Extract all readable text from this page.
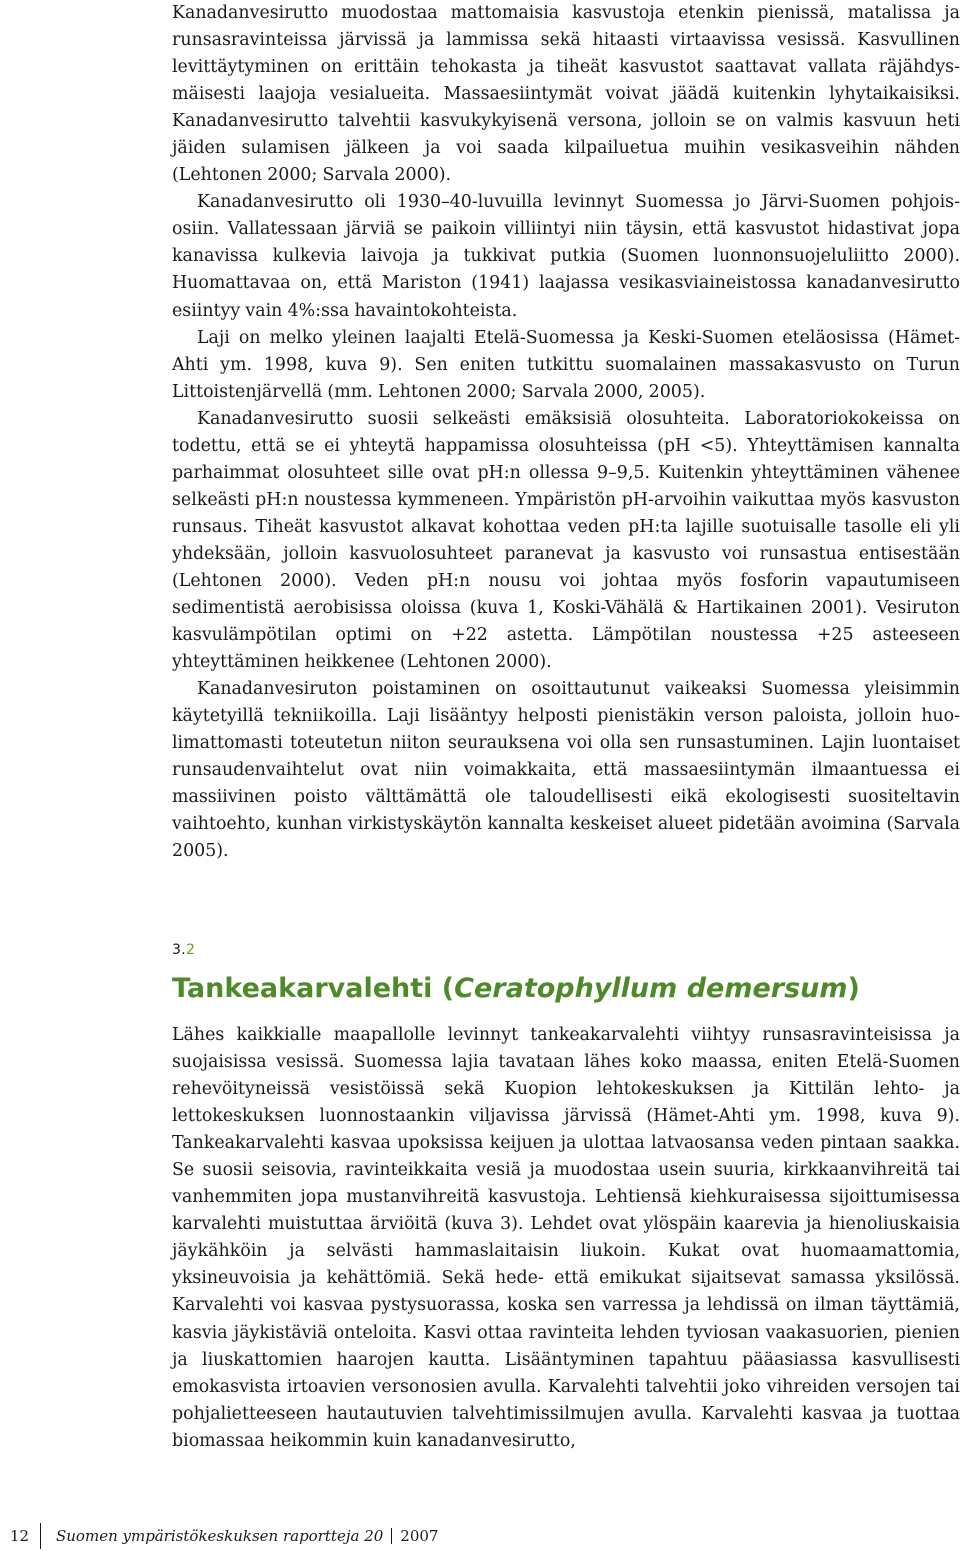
Kanadanvesirutto muodostaa mattomaisia kasvustoja etenkin pienissä, matalissa ja runsasravinteissa järvissä ja lammissa sekä hitaasti virtaavissa vesissä. Kasvullinen levittäytyminen on erittäin tehokasta ja tiheät kasvustot saattavat vallata räjähdysmäisesti laajoja vesialueita. Massaesiintymät voivat jäädä kuitenkin lyhytaikaisiksi. Kanadanvesirutto talvehtii kasvukykyisenä versona, jolloin se on valmis kasvuun heti jäiden sulamisen jälkeen ja voi saada kilpailuetua muihin vesikasveihin nähden (Lehtonen 2000; Sarvala 2000).

Kanadanvesirutto oli 1930–40-luvuilla levinnyt Suomessa jo Järvi-Suomen pohjoisosiin. Vallatessaan järviä se paikoin villiintyi niin täysin, että kasvustot hidastivat jopa kanavissa kulkevia laivoja ja tukkivat putkia (Suomen luonnonsuojeluliitto 2000). Huomattavaa on, että Mariston (1941) laajassa vesikasviaineistossa kanadanvesirutto esiintyy vain 4%:ssa havaintokohteista.

Laji on melko yleinen laajalti Etelä-Suomessa ja Keski-Suomen eteläosissa (Hämet-Ahti ym. 1998, kuva 9). Sen eniten tutkittu suomalainen massakasvusto on Turun Littoistenjärvellä (mm. Lehtonen 2000; Sarvala 2000, 2005).

Kanadanvesirutto suosii selkeästi emäksisiä olosuhteita. Laboratoriokokeissa on todettu, että se ei yhteytä happamissa olosuhteissa (pH <5). Yhteyttämisen kannalta parhaimmat olosuhteet sille ovat pH:n ollessa 9–9,5. Kuitenkin yhteyttäminen vähenee selkeästi pH:n noustessa kymmeneen. Ympäristön pH-arvoihin vaikuttaa myös kasvuston runsaus. Tiheät kasvustot alkavat kohottaa veden pH:ta lajille suotuisalle tasolle eli yli yhdeksään, jolloin kasvuolosuhteet paranevat ja kasvusto voi runsastua entisestään (Lehtonen 2000). Veden pH:n nousu voi johtaa myös fosforin vapautumiseen sedimentistä aerobisissa oloissa (kuva 1, Koski-Vähälä & Hartikainen 2001). Vesiruton kasvulämpötilan optimi on +22 astetta. Lämpötilan noustessa +25 asteeseen yhteyttäminen heikkenee (Lehtonen 2000).

Kanadanvesiruton poistaminen on osoittautunut vaikeaksi Suomessa yleisimmin käytetyillä tekniikoilla. Laji lisääntyy helposti pienistäkin verson paloista, jolloin huolimattomasti toteutetun niiton seurauksena voi olla sen runsastuminen. Lajin luontaiset runsaudenvaihtelut ovat niin voimakkaita, että massaesiintymän ilmaantuessa ei massiivinen poisto välttämättä ole taloudellisesti eikä ekologisesti suositeltavin vaihtoehto, kunhan virkistyskäytön kannalta keskeiset alueet pidetään avoimina (Sarvala 2005).

3.2

Tankeakarvalehti (Ceratophyllum demersum)

Lähes kaikkialle maapallolle levinnyt tankeakarvalehti viihtyy runsasravinteisissa ja suojaisissa vesissä. Suomessa lajia tavataan lähes koko maassa, eniten Etelä-Suomen rehevöityneissä vesistöissä sekä Kuopion lehtokeskuksen ja Kittilän lehto- ja lettokeskuksen luonnostaankin viljavissa järvissä (Hämet-Ahti ym. 1998, kuva 9). Tankeakarvalehti kasvaa upoksissa keijuen ja ulottaa latvaosansa veden pintaan saakka. Se suosii seisovia, ravinteikkaita vesiä ja muodostaa usein suuria, kirkkaanvihreitä tai vanhemmiten jopa mustanvihreitä kasvustoja. Lehtiensä kiehkuraisessa sijoittumisessa karvalehti muistuttaa ärviöitä (kuva 3). Lehdet ovat ylöspäin kaarevia ja hienoliuskaisia jäykähköin ja selvästi hammaslaitaisin liukoin. Kukat ovat huomaamattomia, yksineuvoisia ja kehättömiä. Sekä hede- että emikukat sijaitsevat samassa yksilössä. Karvalehti voi kasvaa pystysuorassa, koska sen varressa ja lehdissä on ilman täyttämiä, kasvia jäykistäviä onteloita. Kasvi ottaa ravinteita lehden tyviosan vaakasuorien, pienien ja liuskattomien haarojen kautta. Lisääntyminen tapahtuu pääasiassa kasvullisesti emokasvista irtoavien versonosien avulla. Karvalehti talvehtii joko vihreiden versojen tai pohjalietteeseen hautautuvien talvehtimissilmujen avulla. Karvalehti kasvaa ja tuottaa biomassaa heikommin kuin kanadanvesirutto,

12 Suomen ympäristökeskuksen raportteja 20 2007
